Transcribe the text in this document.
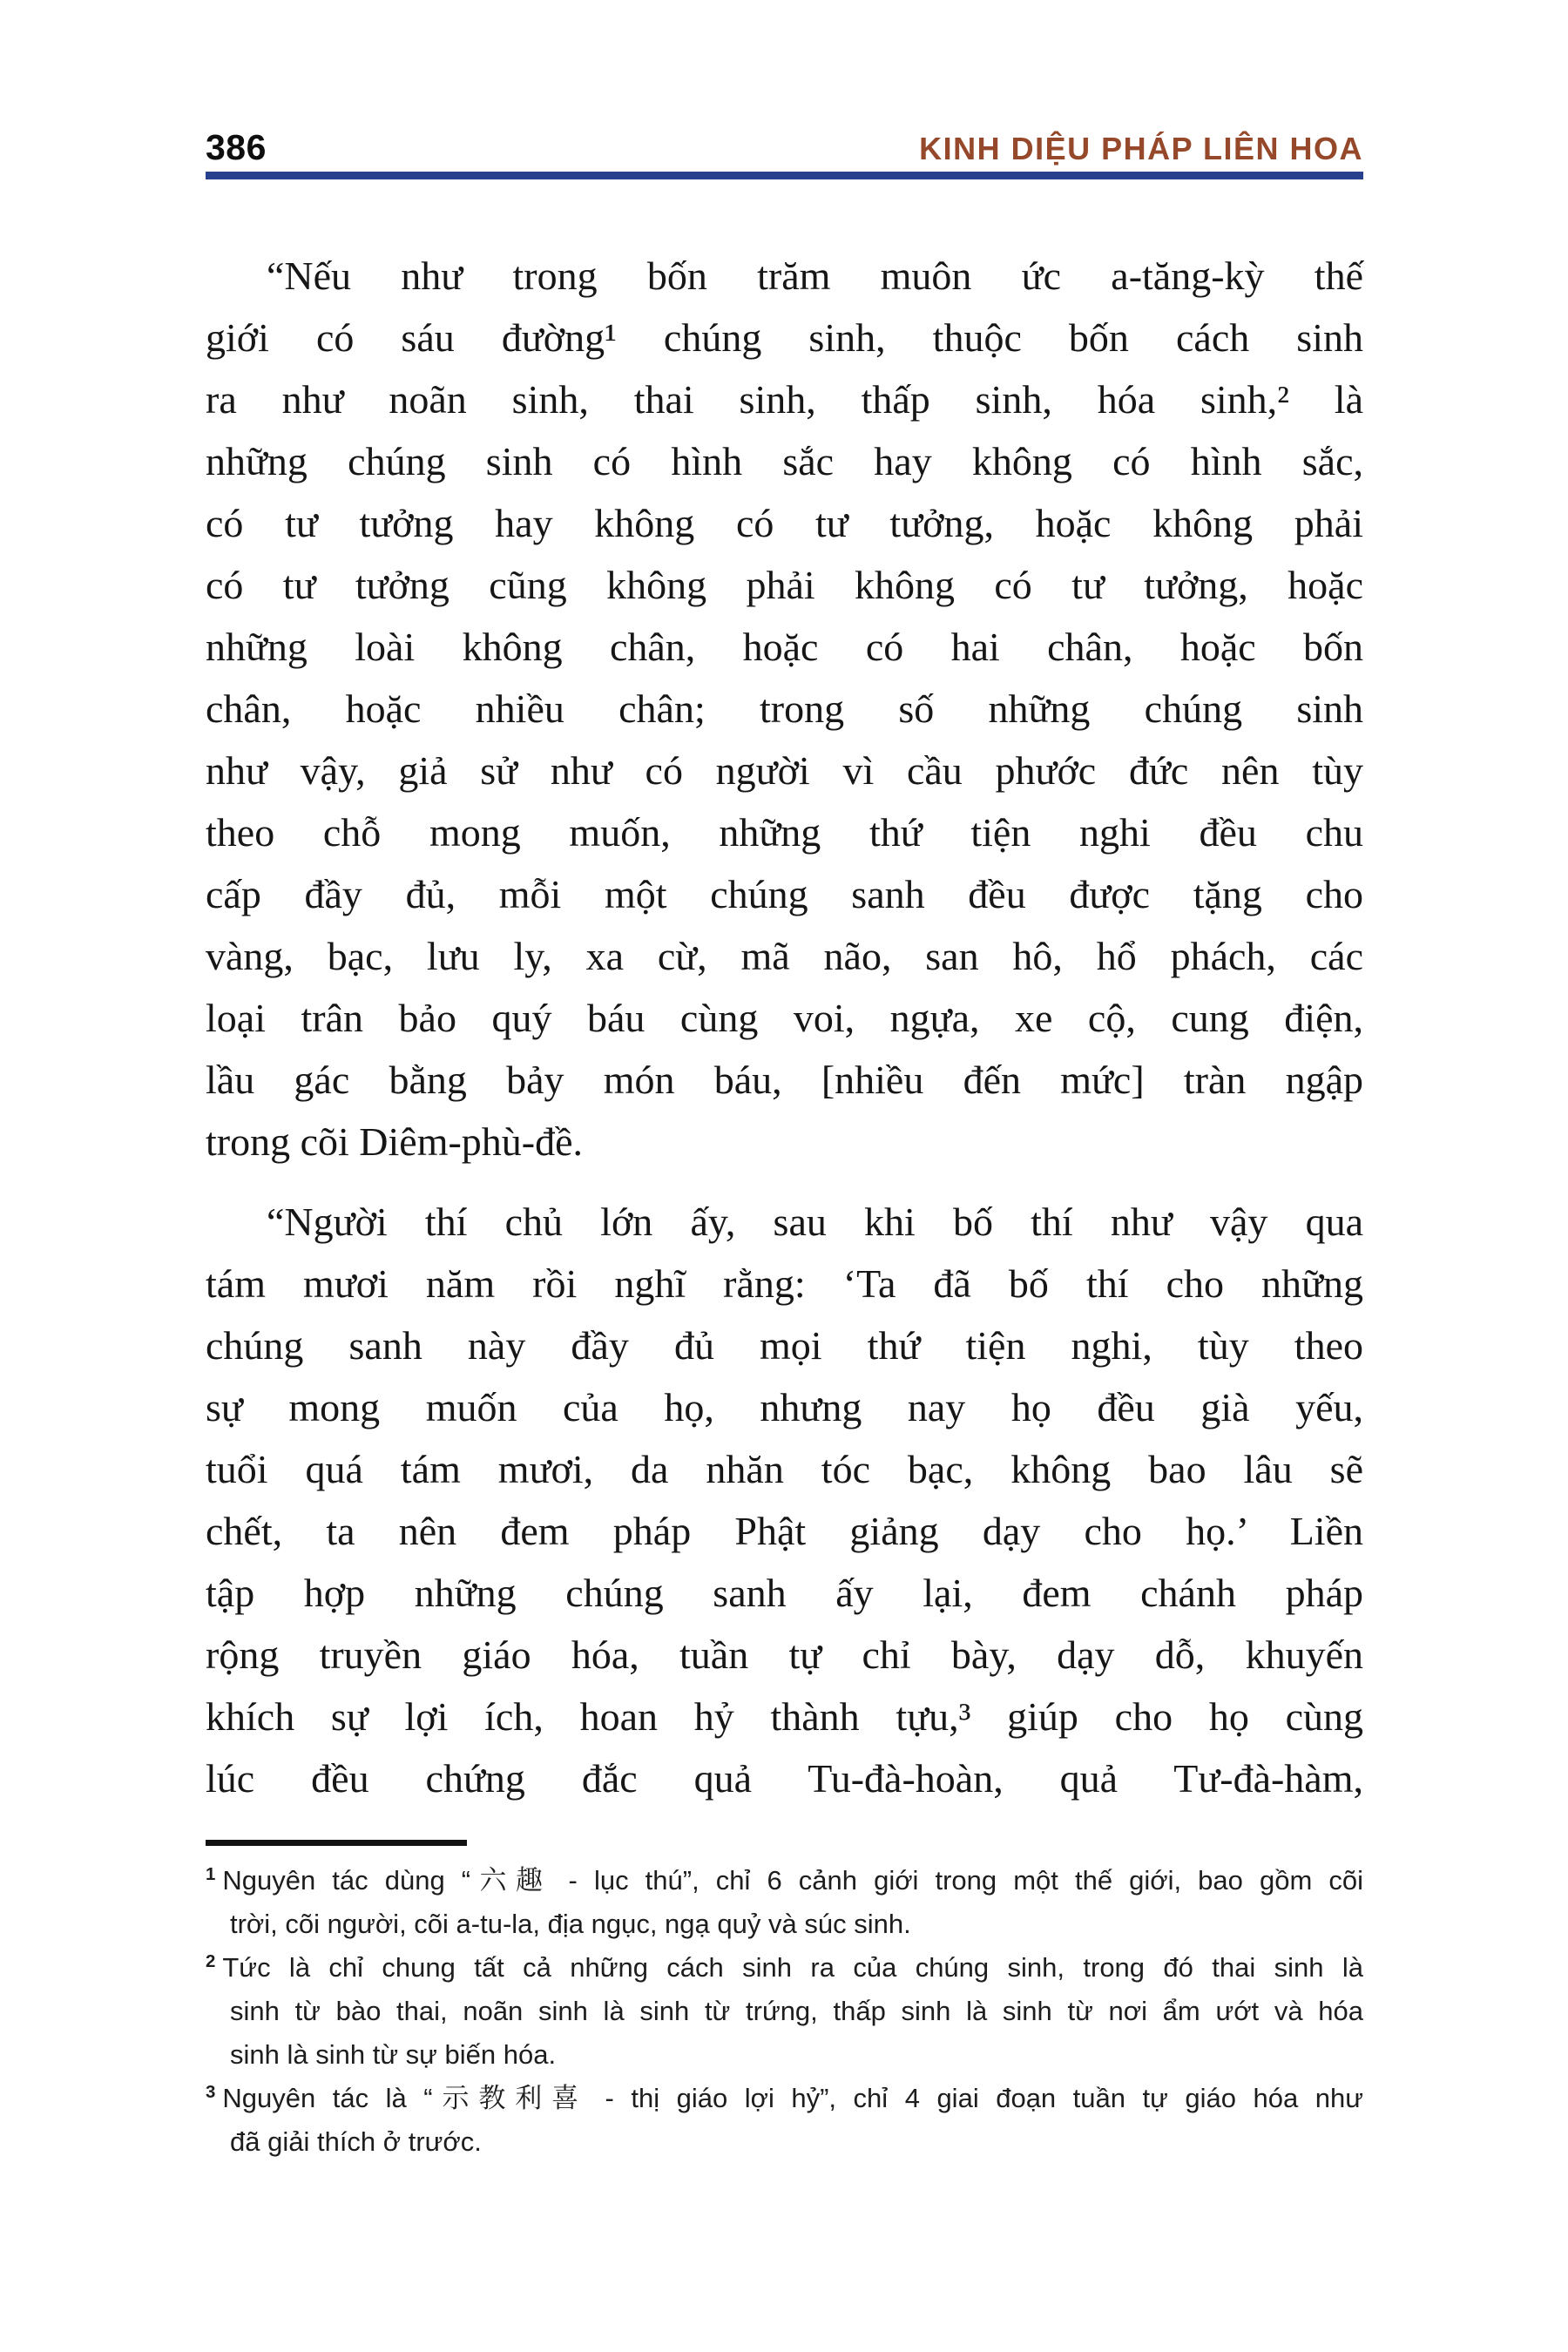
386	KINH DIỆU PHÁP LIÊN HOA
“Nếu như trong bốn trăm muôn ức a-tăng-kỳ thế
giới có sáu đường¹ chúng sinh, thuộc bốn cách sinh
ra như noãn sinh, thai sinh, thấp sinh, hóa sinh,² là
những chúng sinh có hình sắc hay không có hình sắc,
có tư tưởng hay không có tư tưởng, hoặc không phải
có tư tưởng cũng không phải không có tư tưởng, hoặc
những loài không chân, hoặc có hai chân, hoặc bốn
chân, hoặc nhiều chân; trong số những chúng sinh
như vậy, giả sử như có người vì cầu phước đức nên tùy
theo chỗ mong muốn, những thứ tiện nghi đều chu
cấp đầy đủ, mỗi một chúng sanh đều được tặng cho
vàng, bạc, lưu ly, xa cừ, mã não, san hô, hổ phách, các
loại trân bảo quý báu cùng voi, ngựa, xe cộ, cung điện,
lầu gác bằng bảy món báu, [nhiều đến mức] tràn ngập
trong cõi Diêm-phù-đề.
“Người thí chủ lớn ấy, sau khi bố thí như vậy qua
tám mươi năm rồi nghĩ rằng: ‘Ta đã bố thí cho những
chúng sanh này đầy đủ mọi thứ tiện nghi, tùy theo
sự mong muốn của họ, nhưng nay họ đều già yếu,
tuổi quá tám mươi, da nhăn tóc bạc, không bao lâu sẽ
chết, ta nên đem pháp Phật giảng dạy cho họ.’ Liền
tập hợp những chúng sanh ấy lại, đem chánh pháp
rộng truyền giáo hóa, tuần tự chỉ bày, dạy dỗ, khuyến
khích sự lợi ích, hoan hỷ thành tựu,³ giúp cho họ cùng
lúc đều chứng đắc quả Tu-đà-hoàn, quả Tư-đà-hàm,
$^1$ Nguyên tác dùng “六趣 - lục thú”, chỉ 6 cảnh giới trong một thế giới, bao gồm cõi
trời, cõi người, cõi a-tu-la, địa ngục, ngạ quỷ và súc sinh.
$^2$ Tức là chỉ chung tất cả những cách sinh ra của chúng sinh, trong đó thai sinh là
sinh từ bào thai, noãn sinh là sinh từ trứng, thấp sinh là sinh từ nơi ẩm ướt và hóa
sinh là sinh từ sự biến hóa.
$^3$ Nguyên tác là “示教利喜 - thị giáo lợi hỷ”, chỉ 4 giai đoạn tuần tự giáo hóa như
đã giải thích ở trước.
